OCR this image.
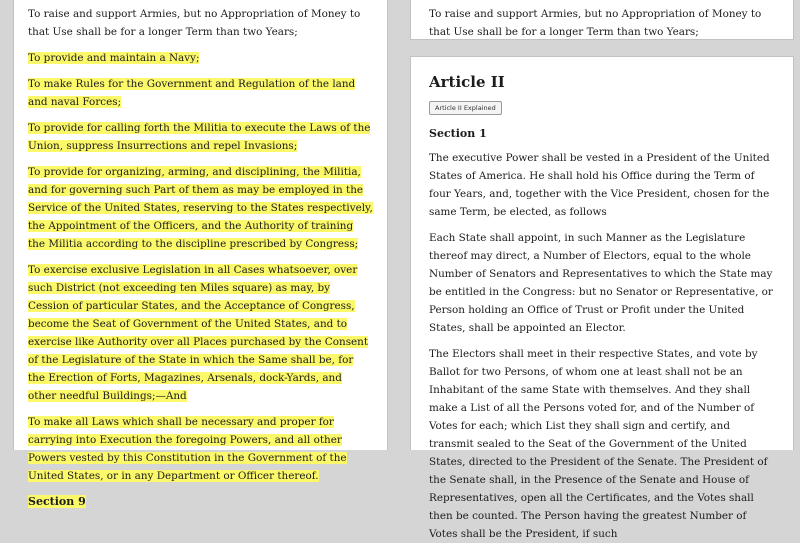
To raise and support Armies, but no Appropriation of Money to that Use shall be for a longer Term than two Years;

To provide and maintain a Navy;

To make Rules for the Government and Regulation of the land and naval Forces;

To provide for calling forth the Militia to execute the Laws of the Union, suppress Insurrections and repel Invasions;

To provide for organizing, arming, and disciplining, the Militia, and for governing such Part of them as may be employed in the Service of the United States, reserving to the States respectively, the Appointment of the Officers, and the Authority of training the Militia according to the discipline prescribed by Congress;

To exercise exclusive Legislation in all Cases whatsoever, over such District (not exceeding ten Miles square) as may, by Cession of particular States, and the Acceptance of Congress, become the Seat of Government of the United States, and to exercise like Authority over all Places purchased by the Consent of the Legislature of the State in which the Same shall be, for the Erection of Forts, Magazines, Arsenals, dock-Yards, and other needful Buildings;—And

To make all Laws which shall be necessary and proper for carrying into Execution the foregoing Powers, and all other Powers vested by this Constitution in the Government of the United States, or in any Department or Officer thereof.

Section 9

To raise and support Armies, but no Appropriation of Money to that Use shall be for a longer Term than two Years;

Article II
Article II Explained
Section 1

The executive Power shall be vested in a President of the United States of America. He shall hold his Office during the Term of four Years, and, together with the Vice President, chosen for the same Term, be elected, as follows

Each State shall appoint, in such Manner as the Legislature thereof may direct, a Number of Electors, equal to the whole Number of Senators and Representatives to which the State may be entitled in the Congress: but no Senator or Representative, or Person holding an Office of Trust or Profit under the United States, shall be appointed an Elector.

The Electors shall meet in their respective States, and vote by Ballot for two Persons, of whom one at least shall not be an Inhabitant of the same State with themselves. And they shall make a List of all the Persons voted for, and of the Number of Votes for each; which List they shall sign and certify, and transmit sealed to the Seat of the Government of the United States, directed to the President of the Senate. The President of the Senate shall, in the Presence of the Senate and House of Representatives, open all the Certificates, and the Votes shall then be counted. The Person having the greatest Number of Votes shall be the President, if such
